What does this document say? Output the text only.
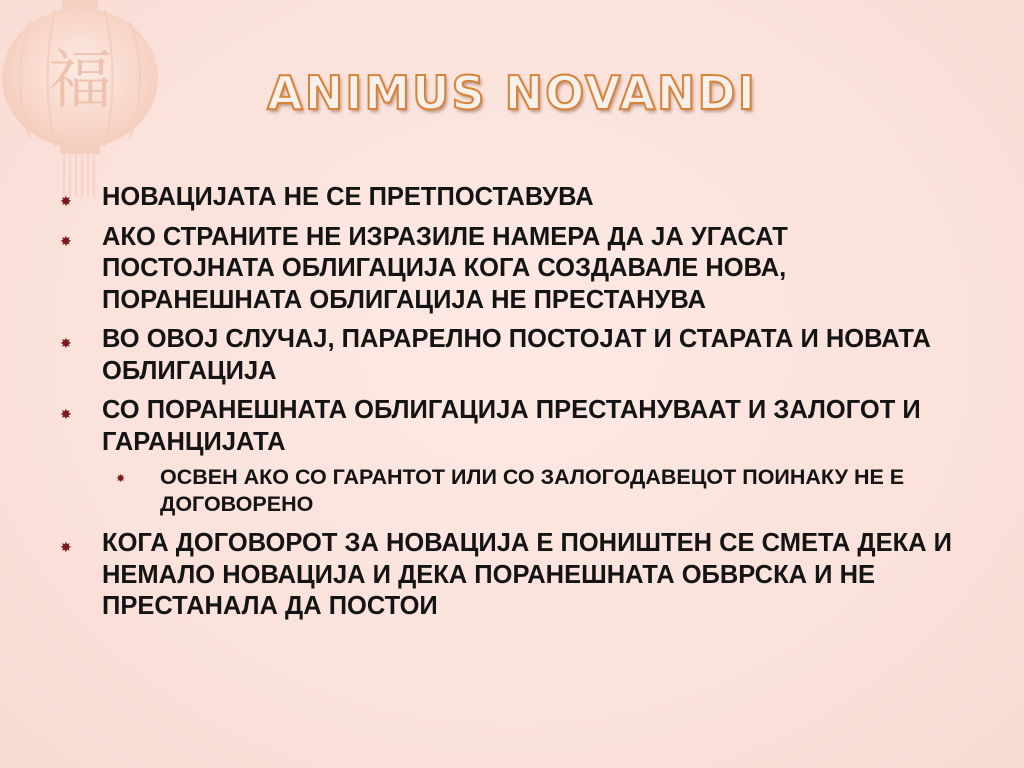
福	ANIMUS NOVANDI
✸ НОВАЦИЈАТА НЕ СЕ ПРЕТПОСТАВУВА
✸ АКО СТРАНИТЕ НЕ ИЗРАЗИЛЕ НАМЕРА ДА ЈА УГАСАТ ПОСТОЈНАТА ОБЛИГАЦИЈА КОГА СОЗДАВАЛЕ НОВА, ПОРАНЕШНАТА ОБЛИГАЦИЈА НЕ ПРЕСТАНУВА
✸ ВО ОВОЈ СЛУЧАЈ, ПАРАРЕЛНО ПОСТОЈАТ И СТАРАТА И НОВАТА ОБЛИГАЦИЈА
✸ СО ПОРАНЕШНАТА ОБЛИГАЦИЈА ПРЕСТАНУВААТ И ЗАЛОГОТ И ГАРАНЦИЈАТА
✸ ОСВЕН АКО СО ГАРАНТОТ ИЛИ СО ЗАЛОГОДАВЕЦОТ ПОИНАКУ НЕ Е ДОГОВОРЕНО
✸ КОГА ДОГОВОРОТ ЗА НОВАЦИЈА Е ПОНИШТЕН СЕ СМЕТА ДЕКА И НЕМАЛО НОВАЦИЈА И ДЕКА ПОРАНЕШНАТА ОБВРСКА И НЕ ПРЕСТАНАЛА ДА ПОСТОИ
